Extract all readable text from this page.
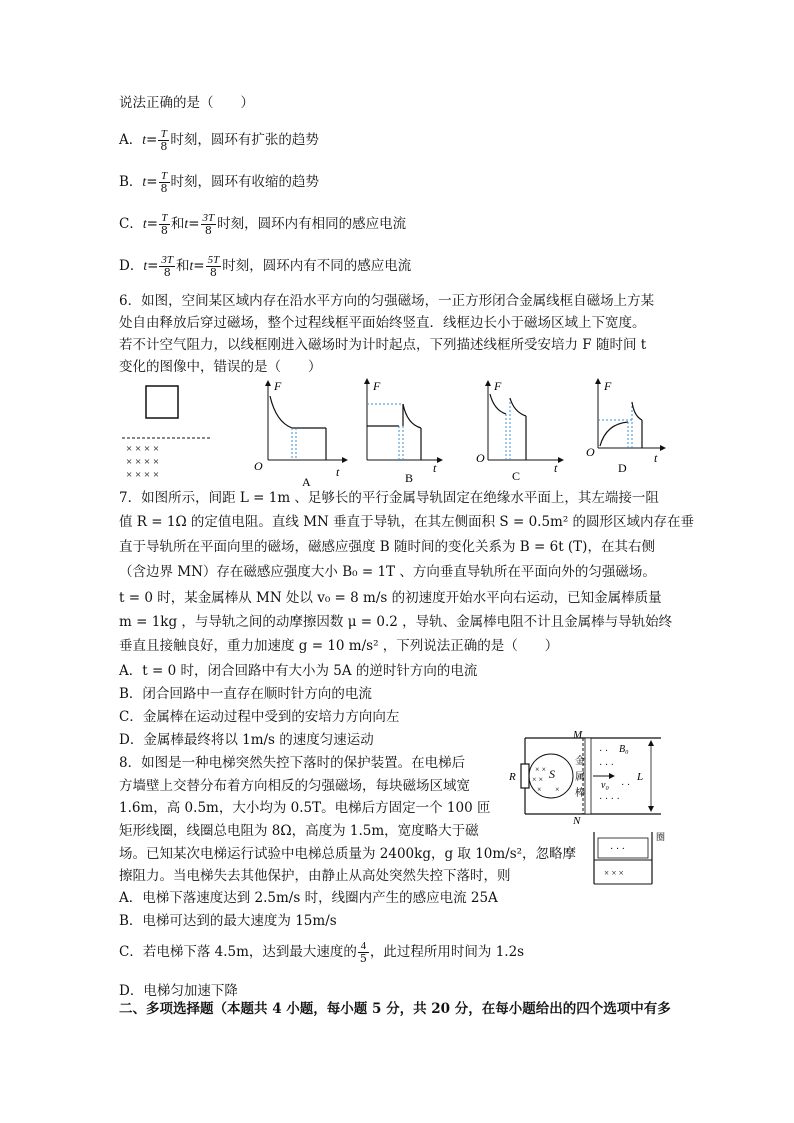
说法正确的是（　　）
A．$t= \frac{T}{8}$ 时刻，圆环有扩张的趋势
B．$t= \frac{T}{8}$ 时刻，圆环有收缩的趋势
C．$t= \frac{T}{8}$ 和$t= \frac{3T}{8}$ 时刻，圆环内有相同的感应电流
D．$t= \frac{3T}{8}$ 和$t= \frac{5T}{8}$ 时刻，圆环内有不同的感应电流
6．如图，空间某区域内存在沿水平方向的匀强磁场，一正方形闭合金属线框自磁场上方某
处自由释放后穿过磁场，整个过程线框平面始终竖直．线框边长小于磁场区域上下宽度。
若不计空气阻力，以线框刚进入磁场时为计时起点，下列描述线框所受安培力 F 随时间 t
变化的图像中，错误的是（　　）
× × × ×
× × × ×
× × × ×
F
O	t
A
F
t
B
F
O
t
C
F
O	t
D
7．如图所示，间距 L = 1m 、足够长的平行金属导轨固定在绝缘水平面上，其左端接一阻
值 R = 1Ω 的定值电阻。直线 MN 垂直于导轨，在其左侧面积 S = 0.5m² 的圆形区域内存在垂
直于导轨所在平面向里的磁场，磁感应强度 B 随时间的变化关系为 B = 6t (T)，在其右侧
（含边界 MN）存在磁感应强度大小 B₀ = 1T 、方向垂直导轨所在平面向外的匀强磁场。
t = 0 时，某金属棒从 MN 处以 v₀ = 8 m/s 的初速度开始水平向右运动，已知金属棒质量
m = 1kg ，与导轨之间的动摩擦因数 μ = 0.2 ，导轨、金属棒电阻不计且金属棒与导轨始终
垂直且接触良好，重力加速度 g = 10 m/s² ，下列说法正确的是（　　）
A．t = 0 时，闭合回路中有大小为 5A 的逆时针方向的电流
B．闭合回路中一直存在顺时针方向的电流
C．金属棒在运动过程中受到的安培力方向向左
D．金属棒最终将以 1m/s 的速度匀速运动
R
× ×
× ×
× ×
S
M
N
金
属
棒
v₀
· ·
· · ·
· ·
· · · ·
B₀
L
8．如图是一种电梯突然失控下落时的保护装置。在电梯后
方墙壁上交替分布着方向相反的匀强磁场，每块磁场区域宽
1.6m，高 0.5m，大小均为 0.5T。电梯后方固定一个 100 匝
矩形线圈，线圈总电阻为 8Ω，高度为 1.5m，宽度略大于磁
场。已知某次电梯运行试验中电梯总质量为 2400kg，g 取 10m/s²，忽略摩
擦阻力。当电梯失去其他保护，由静止从高处突然失控下落时，则
A．电梯下落速度达到 2.5m/s 时，线圈内产生的感应电流 25A
B．电梯可达到的最大速度为 15m/s
C．若电梯下落 4.5m，达到最大速度的 $\frac{4}{5}$ ，此过程所用时间为 1.2s
D．电梯匀加速下降
· · ·
× × ×
圈
二、多项选择题（本题共 4 小题，每小题 5 分，共 20 分，在每小题给出的四个选项中有多
